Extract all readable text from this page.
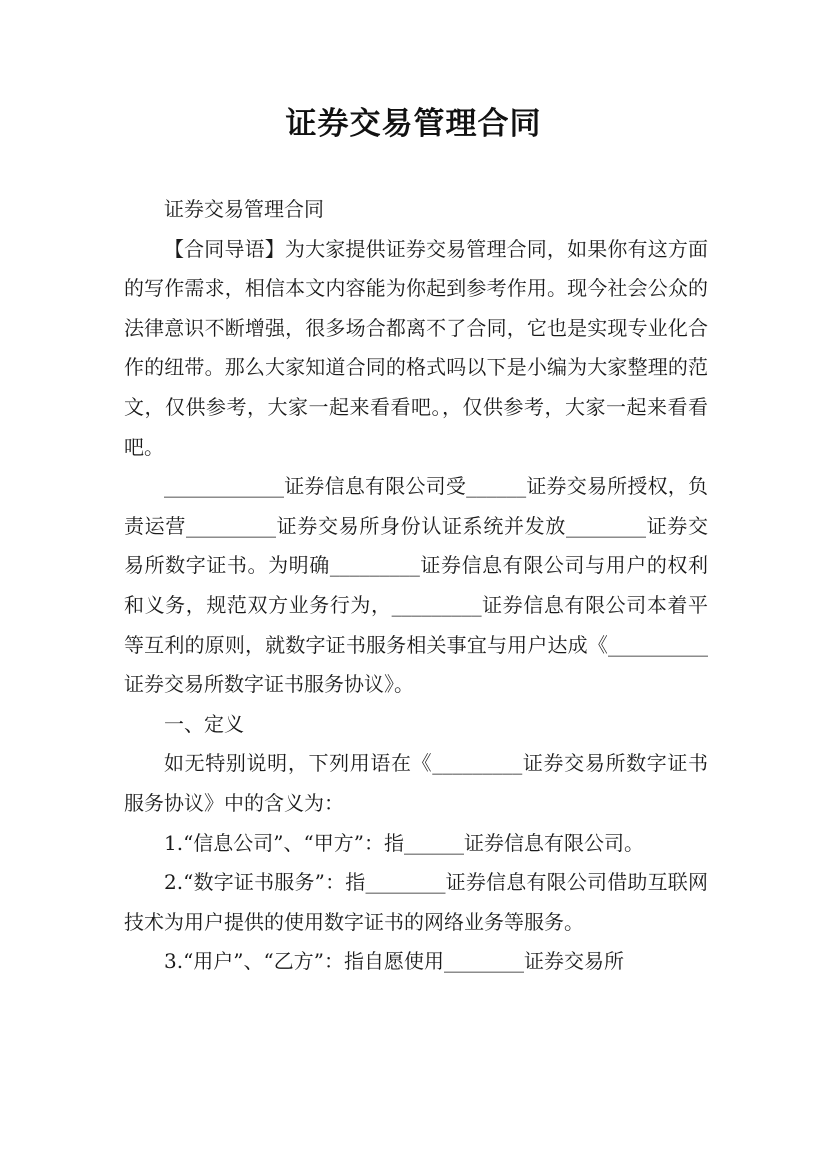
证券交易管理合同

证券交易管理合同

【合同导语】为大家提供证券交易管理合同，如果你有这方面的写作需求，相信本文内容能为你起到参考作用。现今社会公众的法律意识不断增强，很多场合都离不了合同，它也是实现专业化合作的纽带。那么大家知道合同的格式吗以下是小编为大家整理的范文，仅供参考，大家一起来看看吧。，仅供参考，大家一起来看看吧。

____________证券信息有限公司受______证券交易所授权，负责运营_________证券交易所身份认证系统并发放________证券交易所数字证书。为明确_________证券信息有限公司与用户的权利和义务，规范双方业务行为，_________证券信息有限公司本着平等互利的原则，就数字证书服务相关事宜与用户达成《__________证券交易所数字证书服务协议》。

一、定义

如无特别说明，下列用语在《_________证券交易所数字证书服务协议》中的含义为：

1.“信息公司”、“甲方”：指______证券信息有限公司。

2.“数字证书服务”：指________证券信息有限公司借助互联网技术为用户提供的使用数字证书的网络业务等服务。

3.“用户”、“乙方”：指自愿使用________证券交易所
